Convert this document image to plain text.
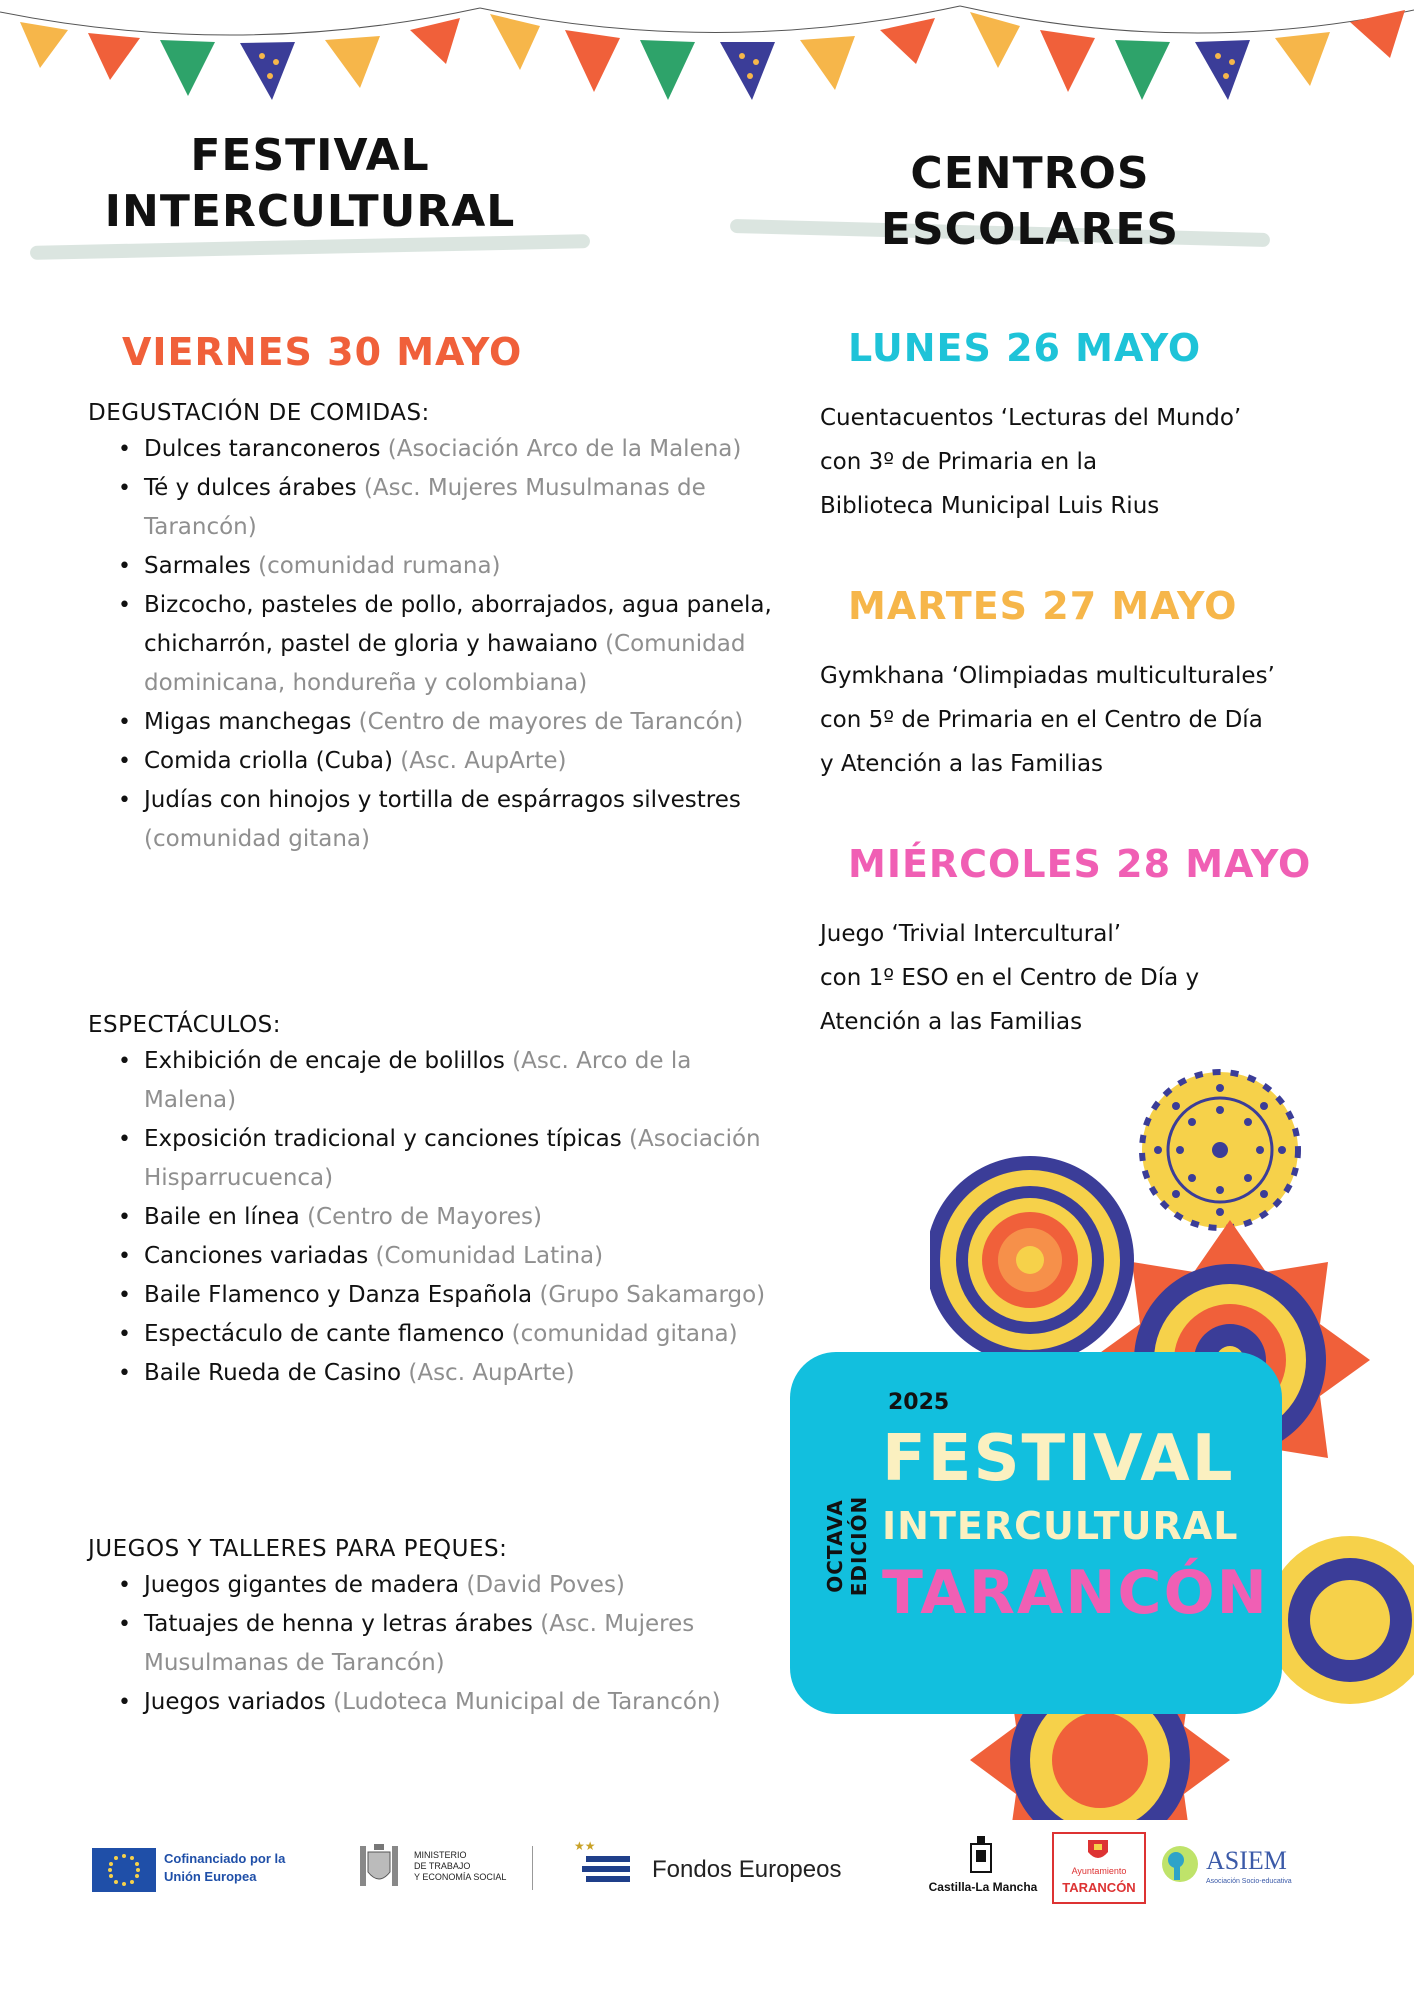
FESTIVAL
INTERCULTURAL
CENTROS
ESCOLARES
VIERNES 30 MAYO
DEGUSTACIÓN DE COMIDAS:
• Dulces taranconeros (Asociación Arco de la Malena)
• Té y dulces árabes (Asc. Mujeres Musulmanas de Tarancón)
• Sarmales (comunidad rumana)
• Bizcocho, pasteles de pollo, aborrajados, agua panela, chicharrón, pastel de gloria y hawaiano (Comunidad dominicana, hondureña y colombiana)
• Migas manchegas (Centro de mayores de Tarancón)
• Comida criolla (Cuba) (Asc. AupArte)
• Judías con hinojos y tortilla de espárragos silvestres (comunidad gitana)
ESPECTÁCULOS:
• Exhibición de encaje de bolillos (Asc. Arco de la Malena)
• Exposición tradicional y canciones típicas (Asociación Hisparrucuenca)
• Baile en línea (Centro de Mayores)
• Canciones variadas (Comunidad Latina)
• Baile Flamenco y Danza Española (Grupo Sakamargo)
• Espectáculo de cante flamenco (comunidad gitana)
• Baile Rueda de Casino (Asc. AupArte)
JUEGOS Y TALLERES PARA PEQUES:
• Juegos gigantes de madera (David Poves)
• Tatuajes de henna y letras árabes (Asc. Mujeres Musulmanas de Tarancón)
• Juegos variados (Ludoteca Municipal de Tarancón)
LUNES 26 MAYO
Cuentacuentos ‘Lecturas del Mundo’
con 3º de Primaria en la
Biblioteca Municipal Luis Rius
MARTES 27 MAYO
Gymkhana ‘Olimpiadas multiculturales’
con 5º de Primaria en el Centro de Día
y Atención a las Familias
MIÉRCOLES 28 MAYO
Juego ‘Trivial Intercultural’
con 1º ESO en el Centro de Día y
Atención a las Familias
2025
OCTAVA EDICIÓN
FESTIVAL
INTERCULTURAL
TARANCÓN
Cofinanciado por la Unión Europea
MINISTERIO
DE TRABAJO
Y ECONOMÍA SOCIAL
★★
Fondos Europeos
Castilla-La Mancha
Ayuntamiento
TARANCÓN
ASIEM
Asociación Socio-educativa
